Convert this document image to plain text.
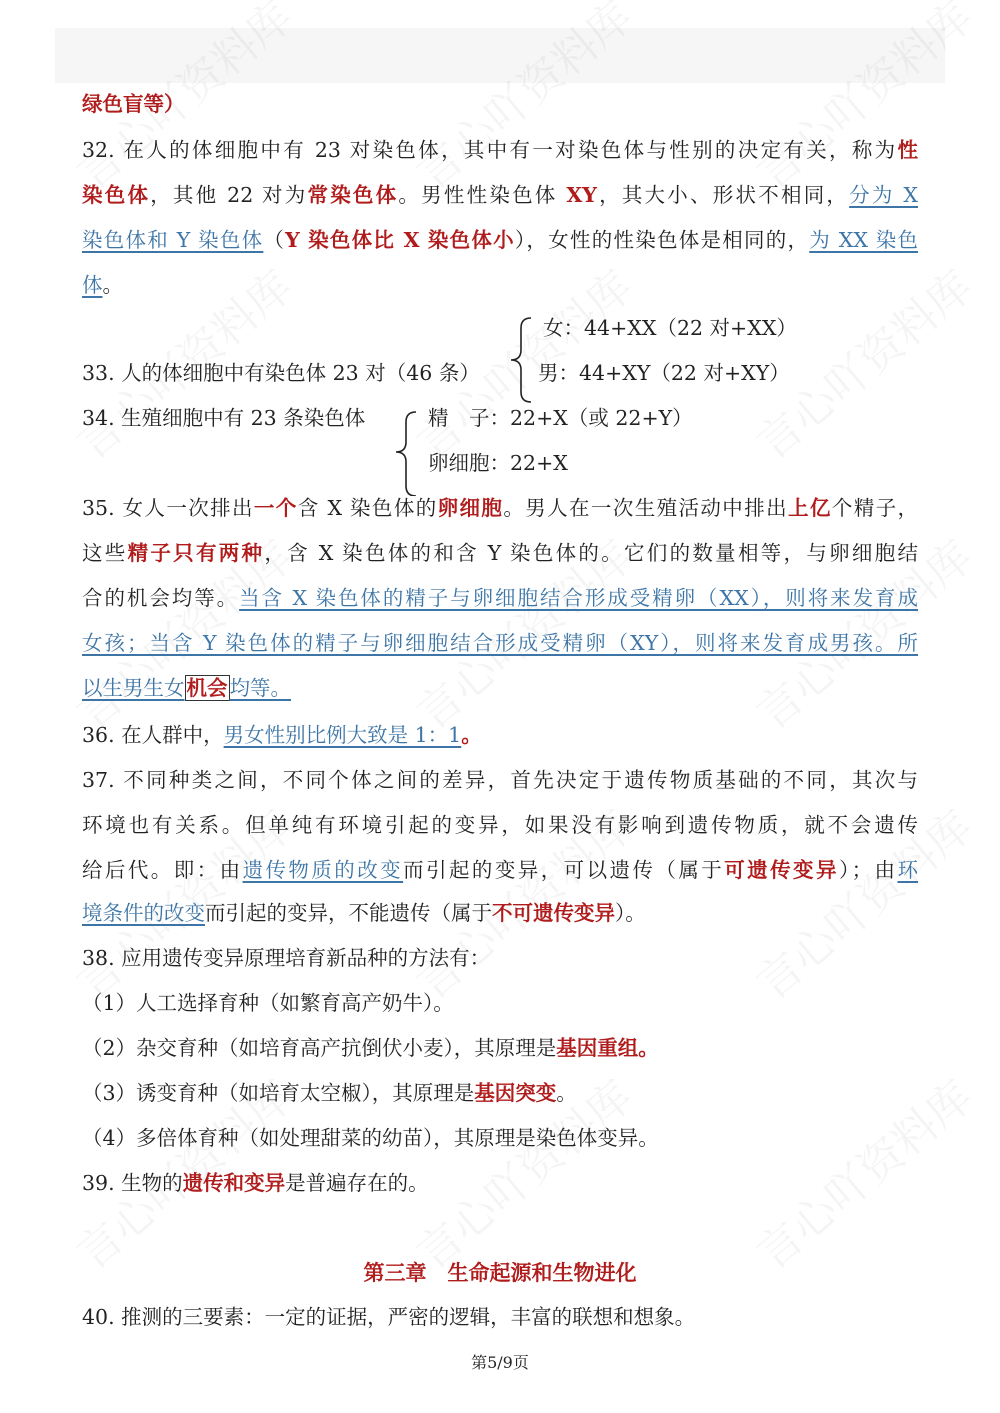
绿色盲等）
32. 在人的体细胞中有 23 对染色体，其中有一对染色体与性别的决定有关，称为性
染色体，其他 22 对为常染色体。男性性染色体 XY，其大小、形状不相同，分为 X
染色体和 Y 染色体（Y 染色体比 X 染色体小），女性的性染色体是相同的，为 XX 染色
体。
女：44+XX（22 对+XX）
33. 人的体细胞中有染色体 23 对（46 条）	男：44+XY（22 对+XY）
34. 生殖细胞中有 23 条染色体	精　子：22+X（或 22+Y）
卵细胞：22+X
35. 女人一次排出一个含 X 染色体的卵细胞。男人在一次生殖活动中排出上亿个精子，
这些精子只有两种，含 X 染色体的和含 Y 染色体的。它们的数量相等，与卵细胞结
合的机会均等。当含 X 染色体的精子与卵细胞结合形成受精卵（XX），则将来发育成
女孩；当含 Y 染色体的精子与卵细胞结合形成受精卵（XY），则将来发育成男孩。所
以生男生女机会均等。
36. 在人群中，男女性别比例大致是 1：1。
37. 不同种类之间，不同个体之间的差异，首先决定于遗传物质基础的不同，其次与
环境也有关系。但单纯有环境引起的变异，如果没有影响到遗传物质，就不会遗传
给后代。即：由遗传物质的改变而引起的变异，可以遗传（属于可遗传变异）；由环
境条件的改变而引起的变异，不能遗传（属于不可遗传变异）。
38. 应用遗传变异原理培育新品种的方法有：
（1）人工选择育种（如繁育高产奶牛）。
（2）杂交育种（如培育高产抗倒伏小麦），其原理是基因重组。
（3）诱变育种（如培育太空椒），其原理是基因突变。
（4）多倍体育种（如处理甜菜的幼苗），其原理是染色体变异。
39. 生物的遗传和变异是普遍存在的。
40. 推测的三要素：一定的证据，严密的逻辑，丰富的联想和想象。
第三章　生命起源和生物进化
第5/9页
